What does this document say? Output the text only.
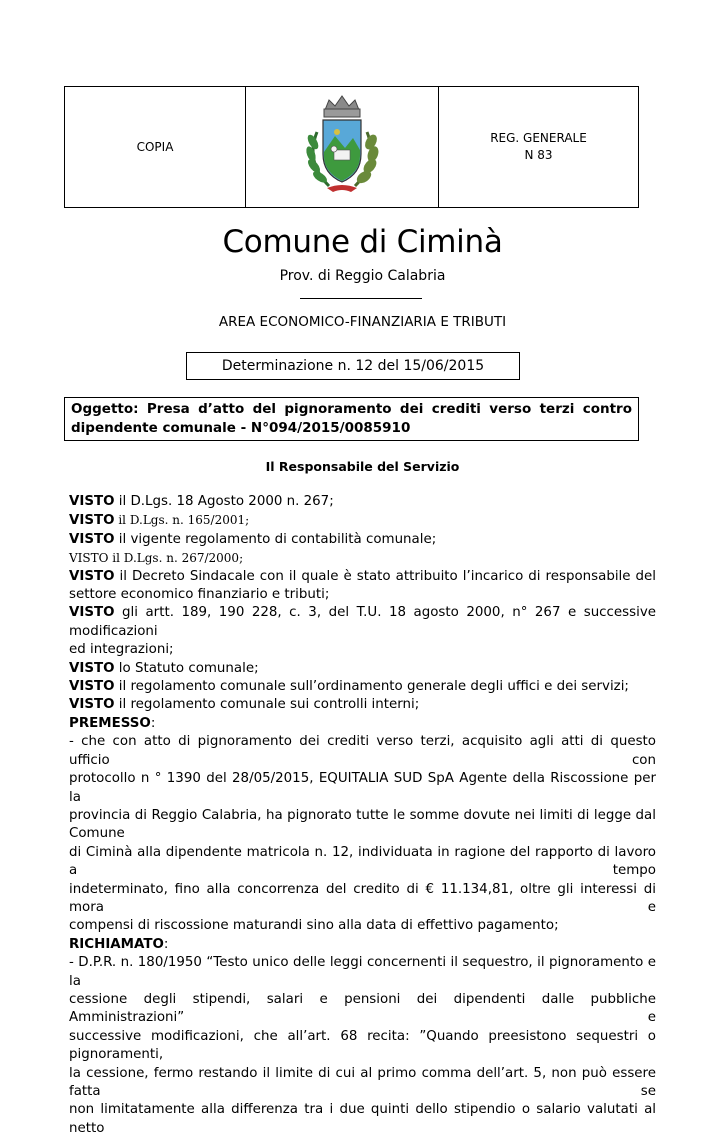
COPIA
REG. GENERALE
N 83
Comune di Ciminà
Prov. di Reggio Calabria
AREA ECONOMICO-FINANZIARIA E TRIBUTI
Determinazione n. 12 del 15/06/2015
Oggetto: Presa d’atto del pignoramento dei crediti verso terzi contro
dipendente comunale - N°094/2015/0085910
Il Responsabile del Servizio

VISTO il D.Lgs. 18 Agosto 2000 n. 267;

VISTO il D.Lgs. n. 165/2001;

VISTO il vigente regolamento di contabilità comunale;

VISTO il D.Lgs. n. 267/2000;

VISTO il Decreto Sindacale con il quale è stato attribuito l’incarico di responsabile del
settore economico finanziario e tributi;

VISTO gli artt. 189, 190 228, c. 3, del T.U. 18 agosto 2000, n° 267 e successive modificazioni
ed integrazioni;

VISTO lo Statuto comunale;

VISTO il regolamento comunale sull’ordinamento generale degli uffici e dei servizi;

VISTO il regolamento comunale sui controlli interni;

PREMESSO:

- che con atto di pignoramento dei crediti verso terzi, acquisito agli atti di questo ufficio con
protocollo n ° 1390 del 28/05/2015, EQUITALIA SUD SpA Agente della Riscossione per la
provincia di Reggio Calabria, ha pignorato tutte le somme dovute nei limiti di legge dal Comune
di Ciminà alla dipendente matricola n. 12, individuata in ragione del rapporto di lavoro a tempo
indeterminato, fino alla concorrenza del credito di € 11.134,81, oltre gli interessi di mora e
compensi di riscossione maturandi sino alla data di effettivo pagamento;

RICHIAMATO:

- D.P.R. n. 180/1950 “Testo unico delle leggi concernenti il sequestro, il pignoramento e la
cessione degli stipendi, salari e pensioni dei dipendenti dalle pubbliche Amministrazioni” e
successive modificazioni, che all’art. 68 recita: ”Quando preesistono sequestri o pignoramenti,
la cessione, fermo restando il limite di cui al primo comma dell’art. 5, non può essere fatta se
non limitatamente alla differenza tra i due quinti dello stipendio o salario valutati al netto
